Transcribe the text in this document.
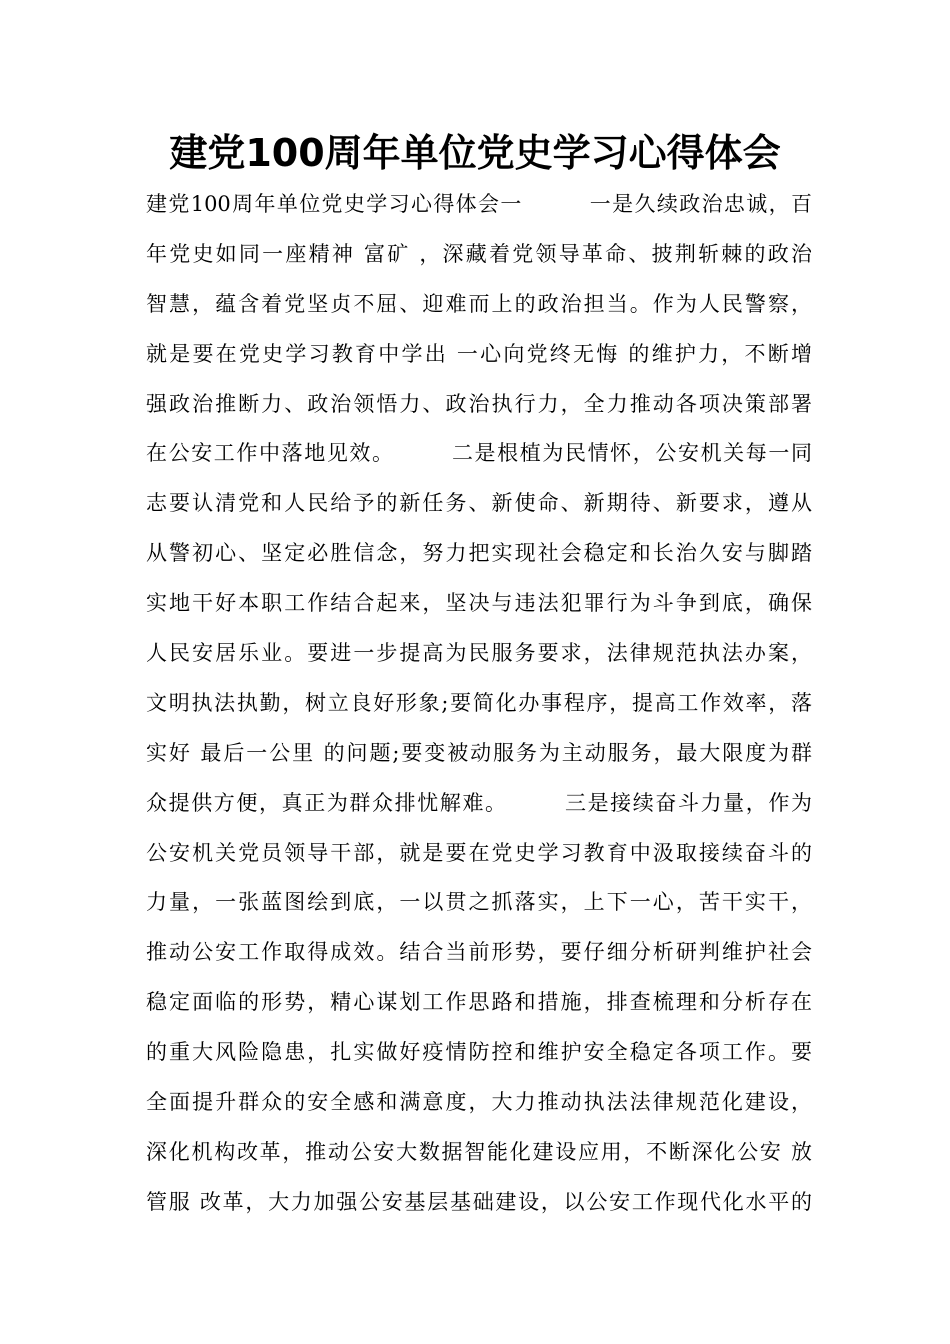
建党100周年单位党史学习心得体会
建党100周年单位党史学习心得体会一　　　一是久续政治忠诚，百
年党史如同一座精神 富矿 ，深藏着党领导革命、披荆斩棘的政治
智慧，蕴含着党坚贞不屈、迎难而上的政治担当。作为人民警察，
就是要在党史学习教育中学出 一心向党终无悔 的维护力，不断增
强政治推断力、政治领悟力、政治执行力，全力推动各项决策部署
在公安工作中落地见效。　　　二是根植为民情怀，公安机关每一同
志要认清党和人民给予的新任务、新使命、新期待、新要求，遵从
从警初心、坚定必胜信念，努力把实现社会稳定和长治久安与脚踏
实地干好本职工作结合起来，坚决与违法犯罪行为斗争到底，确保
人民安居乐业。要进一步提高为民服务要求，法律规范执法办案，
文明执法执勤，树立良好形象;要简化办事程序，提高工作效率，落
实好 最后一公里 的问题;要变被动服务为主动服务，最大限度为群
众提供方便，真正为群众排忧解难。　　　三是接续奋斗力量，作为
公安机关党员领导干部，就是要在党史学习教育中汲取接续奋斗的
力量，一张蓝图绘到底，一以贯之抓落实，上下一心，苦干实干，
推动公安工作取得成效。结合当前形势，要仔细分析研判维护社会
稳定面临的形势，精心谋划工作思路和措施，排查梳理和分析存在
的重大风险隐患，扎实做好疫情防控和维护安全稳定各项工作。要
全面提升群众的安全感和满意度，大力推动执法法律规范化建设，
深化机构改革，推动公安大数据智能化建设应用，不断深化公安 放
管服 改革，大力加强公安基层基础建设，以公安工作现代化水平的
